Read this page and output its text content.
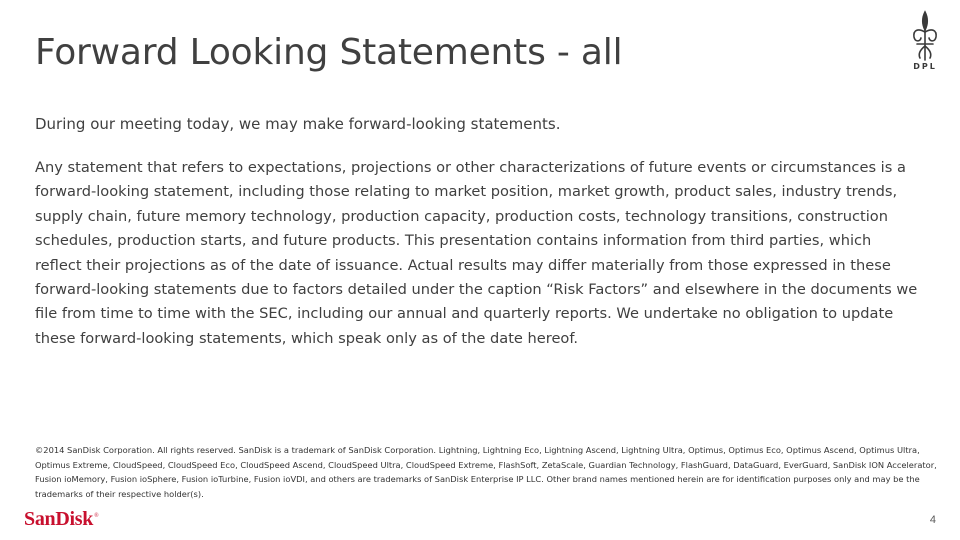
Forward Looking Statements - all	DPL

During our meeting today, we may make forward-looking statements.

Any statement that refers to expectations, projections or other characterizations of future events or circumstances is a forward-looking statement, including those relating to market position, market growth, product sales, industry trends, supply chain, future memory technology, production capacity, production costs, technology transitions, construction schedules, production starts, and future products. This presentation contains information from third parties, which reflect their projections as of the date of issuance. Actual results may differ materially from those expressed in these forward-looking statements due to factors detailed under the caption “Risk Factors” and elsewhere in the documents we file from time to time with the SEC, including our annual and quarterly reports. We undertake no obligation to update these forward-looking statements, which speak only as of the date hereof.

©2014 SanDisk Corporation. All rights reserved. SanDisk is a trademark of SanDisk Corporation. Lightning, Lightning Eco, Lightning Ascend, Lightning Ultra, Optimus, Optimus Eco, Optimus Ascend, Optimus Ultra, Optimus Extreme, CloudSpeed, CloudSpeed Eco, CloudSpeed Ascend, CloudSpeed Ultra, CloudSpeed Extreme, FlashSoft, ZetaScale, Guardian Technology, FlashGuard, DataGuard, EverGuard, SanDisk ION Accelerator, Fusion ioMemory, Fusion ioSphere, Fusion ioTurbine, Fusion ioVDI, and others are trademarks of SanDisk Enterprise IP LLC. Other brand names mentioned herein are for identification purposes only and may be the trademarks of their respective holder(s).

SanDisk®	4
